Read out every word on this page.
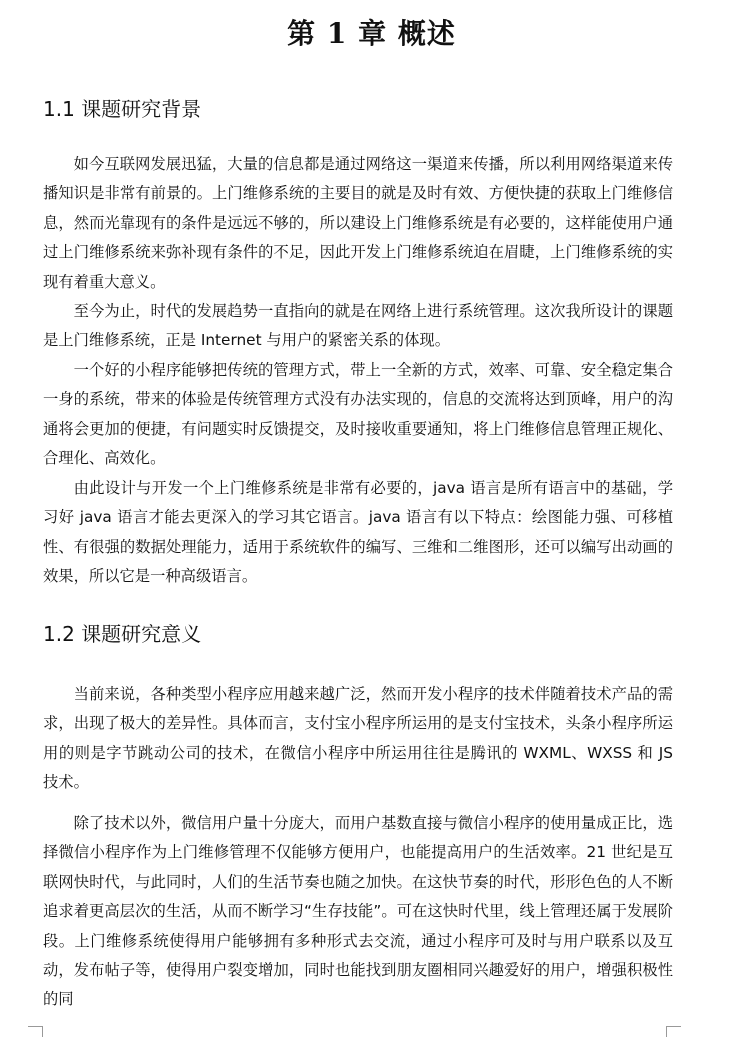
第 1 章 概述
1.1 课题研究背景

如今互联网发展迅猛，大量的信息都是通过网络这一渠道来传播，所以利用网络渠道来传播知识是非常有前景的。上门维修系统的主要目的就是及时有效、方便快捷的获取上门维修信息，然而光靠现有的条件是远远不够的，所以建设上门维修系统是有必要的，这样能使用户通过上门维修系统来弥补现有条件的不足，因此开发上门维修系统迫在眉睫，上门维修系统的实现有着重大意义。

至今为止，时代的发展趋势一直指向的就是在网络上进行系统管理。这次我所设计的课题是上门维修系统，正是 Internet 与用户的紧密关系的体现。

一个好的小程序能够把传统的管理方式，带上一全新的方式，效率、可靠、安全稳定集合一身的系统，带来的体验是传统管理方式没有办法实现的，信息的交流将达到顶峰，用户的沟通将会更加的便捷，有问题实时反馈提交，及时接收重要通知，将上门维修信息管理正规化、合理化、高效化。

由此设计与开发一个上门维修系统是非常有必要的，java 语言是所有语言中的基础，学习好 java 语言才能去更深入的学习其它语言。java 语言有以下特点：绘图能力强、可移植性、有很强的数据处理能力，适用于系统软件的编写、三维和二维图形，还可以编写出动画的效果，所以它是一种高级语言。

1.2 课题研究意义

当前来说，各种类型小程序应用越来越广泛，然而开发小程序的技术伴随着技术产品的需求，出现了极大的差异性。具体而言，支付宝小程序所运用的是支付宝技术，头条小程序所运用的则是字节跳动公司的技术，在微信小程序中所运用往往是腾讯的 WXML、WXSS 和 JS 技术。

除了技术以外，微信用户量十分庞大，而用户基数直接与微信小程序的使用量成正比，选择微信小程序作为上门维修管理不仅能够方便用户，也能提高用户的生活效率。21 世纪是互联网快时代，与此同时，人们的生活节奏也随之加快。在这快节奏的时代，形形色色的人不断追求着更高层次的生活，从而不断学习“生存技能”。可在这快时代里，线上管理还属于发展阶段。上门维修系统使得用户能够拥有多种形式去交流，通过小程序可及时与用户联系以及互动，发布帖子等，使得用户裂变增加，同时也能找到朋友圈相同兴趣爱好的用户，增强积极性的同
